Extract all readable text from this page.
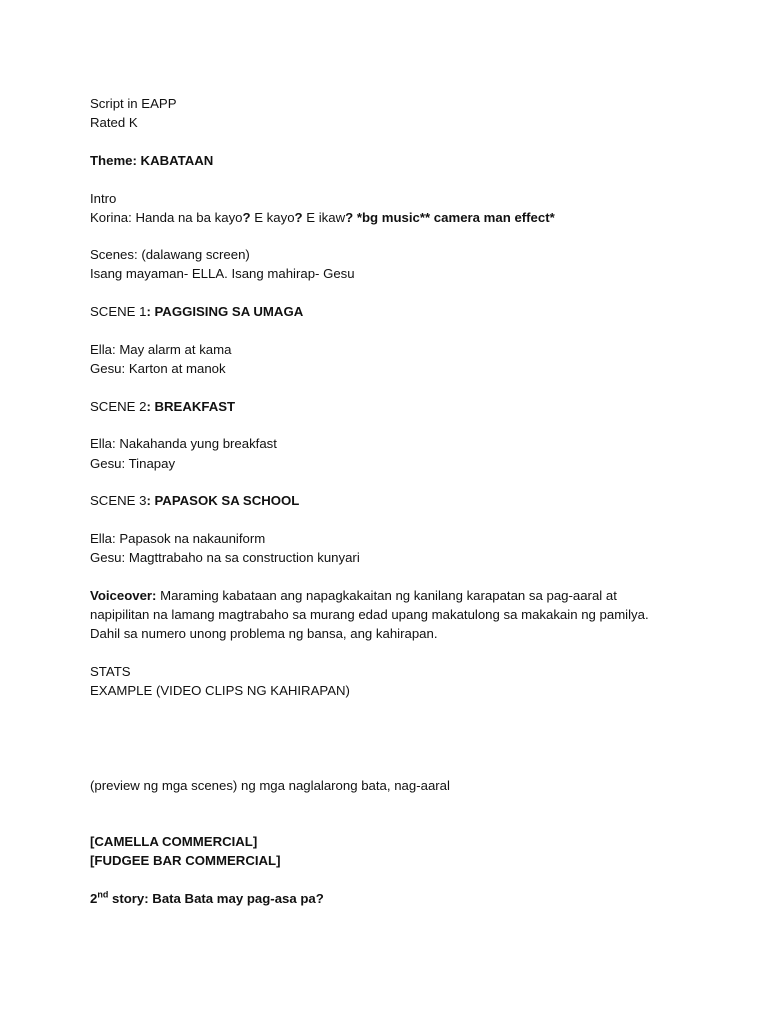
Script in EAPP
Rated K
Theme: KABATAAN
Intro
Korina: Handa na ba kayo? E kayo? E ikaw? *bg music** camera man effect*
Scenes: (dalawang screen)
Isang mayaman- ELLA. Isang mahirap- Gesu
SCENE 1: PAGGISING SA UMAGA
Ella: May alarm at kama
Gesu: Karton at manok
SCENE 2: BREAKFAST
Ella: Nakahanda yung breakfast
Gesu: Tinapay
SCENE 3: PAPASOK SA SCHOOL
Ella: Papasok na nakauniform
Gesu: Magttrabaho na sa construction kunyari
Voiceover: Maraming kabataan ang napagkakaitan ng kanilang karapatan sa pag-aaral at
napipilitan na lamang magtrabaho sa murang edad upang makatulong sa makakain ng pamilya.
Dahil sa numero unong problema ng bansa, ang kahirapan.
STATS
EXAMPLE (VIDEO CLIPS NG KAHIRAPAN)
(preview ng mga scenes) ng mga naglalarong bata, nag-aaral
[CAMELLA COMMERCIAL]
[FUDGEE BAR COMMERCIAL]
2nd story: Bata Bata may pag-asa pa?
